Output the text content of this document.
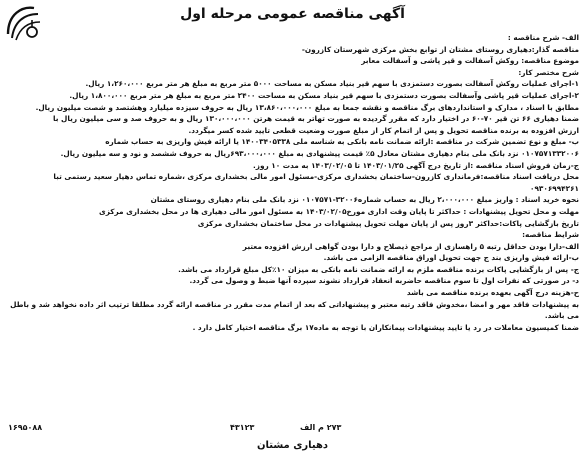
آگهی مناقصه عمومی مرحله اول

الف- شرح مناقصه :

مناقصه گذار:دهیاری روستای مشتان از توابع بخش مرکزی شهرستان کازرون-

موضوع مناقصه: روکش آسفالت و قیر پاشی و آسفالت معابر

شرح مختصر کار:

۱-اجرای عملیات روکش آسفالت بصورت دستمزدی با سهم قیر بنیاد مسکن به مساحت ۵۰۰۰ متر مربع به مبلغ هر متر مربع ۱،۲۶۰،۰۰۰ ریال.

۲-اجرای عملیات قیر پاشی وآسفالت بصورت دستمزدی با سهم قیر بنیاد مسکن به مساحت ۲۴۰۰ متر مربع به مبلغ هر متر مربع ۱،۸۰۰،۰۰۰ ریال.

مطابق با اسناد ، مدارک و استانداردهای برگ مناقصه و نقشه جمعا به مبلغ ۱۳،۸۶۰،۰۰۰،۰۰۰ ریال به حروف سیزده میلیارد وهشتصد و شصت میلیون ریال.

ضمنا دهیاری ۶۶ تن قیر ۷۰-۶۰ در اختیار دارد که مقرر گردیده به صورت تهاتر به قیمت هرتن ۱۳۰،۰۰۰،۰۰۰ ریال و به حروف صد و سی میلیون ریال با

ارزش افزوده به برنده مناقصه تحویل و پس از اتمام کار از مبلغ صورت وضعیت قطعی تایید شده کسر میگردد.

ب- مبلغ و نوع تضمین شرکت در مناقصه :ارائه ضمانت نامه بانکی به شناسه ملی ۱۴۰۰۳۴۰۵۳۳۸ یا ارائه فیش واریزی به حساب شماره

۰۱۰۷۵۷۱۳۳۲۰۰۶ نزد بانک ملی بنام دهیاری مشتان معادل ۵٪ قیمت پیشنهادی به مبلغ ۶۹۳،۰۰۰،۰۰۰ریال به حروف ششصد و نود و سه میلیون ریال.

ج-زمان فروش اسناد مناقصه :از تاریخ درج آگهی ۱۴۰۳/۰۱/۲۵ تا ۱۴۰۳/۰۲/۰۵ به مدت ۱۰ روز.

محل دریافت اسناد مناقصه:فرمانداری کازرون-ساختمان بخشداری مرکزی-مسئول امور مالی بخشداری مرکزی ،شماره تماس دهیار سعید رستمی تبا

۰۹۳۰۶۹۹۴۲۶۱

نحوه خرید اسناد : واریز مبلغ ۲،۰۰۰،۰۰۰ ریال به حساب شماره۳۲۰۰۶-۰۱۰۷۵۷۱ نزد بانک ملی بنام دهیاری روستای مشتان

مهلت و محل تحویل پیشنهادات : حداکثر تا پایان وقت اداری مورخ۱۴۰۳/۰۲/۰۵ به مسئول امور مالی دهیاری ها در محل بخشداری مرکزی

تاریخ بازگشایی پاکات:حداکثر ۳روز پس از پایان مهلت تحویل پیشنهادات در محل ساختمان بخشداری مرکزی

شرایط مناقصه:

الف-دارا بودن حداقل رتبه ۵ راهسازی از مراجع ذیصلاح و دارا بودن گواهی ارزش افزوده معتبر

ب-ارائه فیش واریزی بند ج جهت تحویل اوراق مناقصه الزامی می باشد.

ج- پس از بازگشایی پاکات برنده مناقصه ملزم به ارائه ضمانت نامه بانکی به میزان ۱۰٪کل مبلغ قرارداد می باشد.

د- در صورتی که نفرات اول تا سوم مناقصه حاضربه انعقاد قرارداد نشوند سپرده آنها ضبط و وصول می گردد.

ح-هزینه درج آگهی بعهده برنده مناقصه می باشد

به پیشنهادات فاقد مهر و امضا ،مخدوش فاقد رتبه معتبر و پیشنهاداتی که بعد از اتمام مدت مقرر در مناقصه ارائه گردد مطلقا ترتیب اثر داده نخواهد شد و باطل

می باشد.

ضمنا کمیسیون معاملات در رد یا تایید پیشنهادات پیمانکاران با توجه به ماده۱۷ برگ مناقصه اختیار کامل دارد .

۱۶۹۵۰۸۸	۴۳۱۲۳	۲۷۳ م الف
دهیاری مشتان
